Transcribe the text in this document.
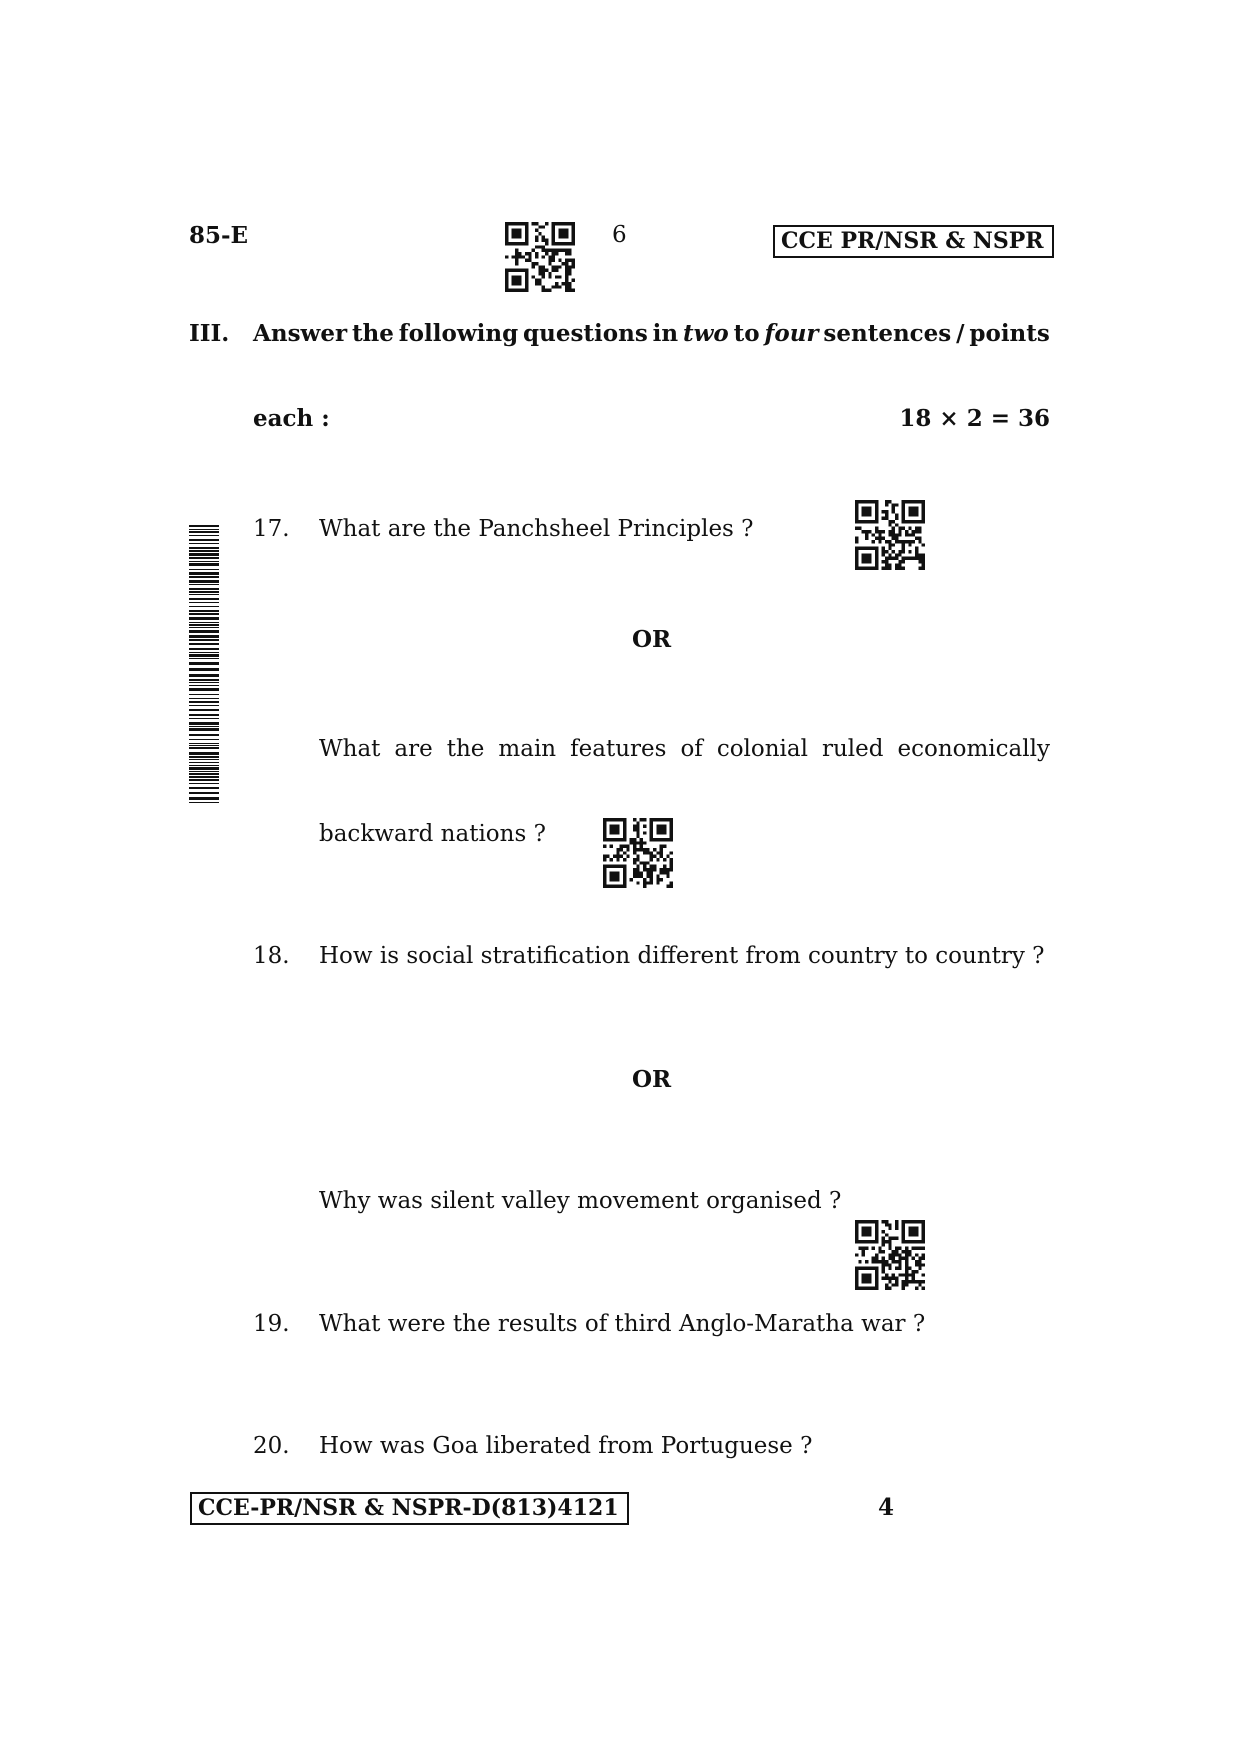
85-E	6	CCE PR/NSR & NSPR
III. Answer the following questions in two to four sentences / points
each :	18 × 2 = 36
17. What are the Panchsheel Principles ?
OR
What are the main features of colonial ruled economically
backward nations ?
18. How is social stratification different from country to country ?
OR
Why was silent valley movement organised ?
19. What were the results of third Anglo-Maratha war ?
20. How was Goa liberated from Portuguese ?
CCE-PR/NSR & NSPR-D(813)4121	4
